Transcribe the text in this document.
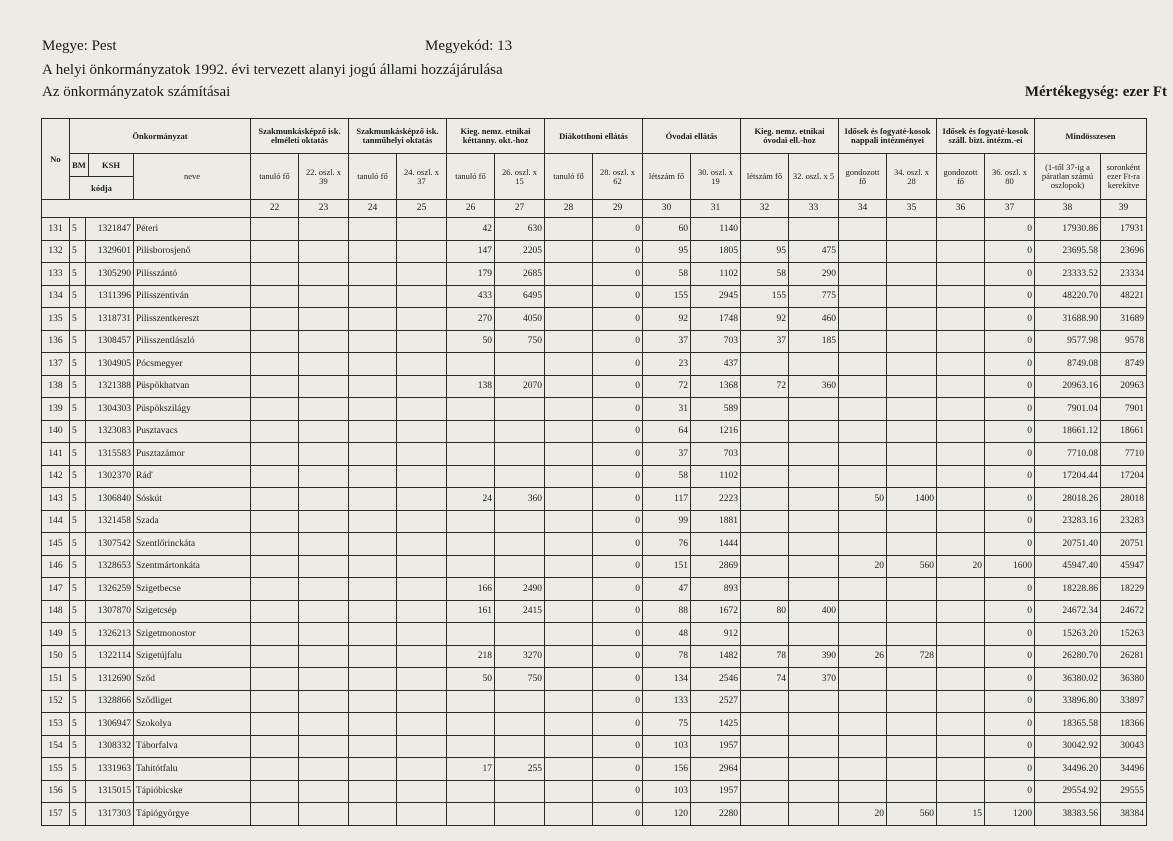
Megye: Pest	Megyekód: 13
A helyi önkormányzatok 1992. évi tervezett alanyi jogú állami hozzájárulása
Az önkormányzatok számításai	Mértékegység: ezer Ft
No	Önkormányzat	Szakmunkásképző isk. elméleti oktatás	Szakmunkásképző isk. tanműhelyi oktatás	Kieg. nemz. etnikai kéttanny. okt.-hoz	Diákotthoni ellátás	Óvodai ellátás	Kieg. nemz. etnikai óvodai ell.-hoz	Idősek és fogyaté-kosok nappali intézményei	Idősek és fogyaté-kosok száll. bizt. intézm.-ei	Mindösszesen

BM	KSH
kódja
	neve	tanuló fő	22. oszl. x 39	tanuló fő	24. oszl. x 37	tanuló fő	26. oszl. x 15	tanuló fő	28. oszl. x 62	létszám fő	30. oszl. x 19	létszám fő	32. oszl. x 5	gondozott fő	34. oszl. x 28	gondozott fő	36. oszl. x 80	(1-től 37-ig a páratlan számú oszlopok)	soronként ezer Ft-ra kerekítve
	22	23	24	25	26	27	28	29	30	31	32	33	34	35	36	37	38	39
131	5	1321847	Péteri					42	630		0	60	1140						0	17930.86	17931
132	5	1329601	Pilisborosjenő					147	2205		0	95	1805	95	475				0	23695.58	23696
133	5	1305290	Pilisszántó					179	2685		0	58	1102	58	290				0	23333.52	23334
134	5	1311396	Pilisszentiván					433	6495		0	155	2945	155	775				0	48220.70	48221
135	5	1318731	Pilisszentkereszt					270	4050		0	92	1748	92	460				0	31688.90	31689
136	5	1308457	Pilisszentlászló					50	750		0	37	703	37	185				0	9577.98	9578
137	5	1304905	Pócsmegyer								0	23	437						0	8749.08	8749
138	5	1321388	Püspökhatvan					138	2070		0	72	1368	72	360				0	20963.16	20963
139	5	1304303	Püspökszilágy								0	31	589						0	7901.04	7901
140	5	1323083	Pusztavacs								0	64	1216						0	18661.12	18661
141	5	1315583	Pusztazámor								0	37	703						0	7710.08	7710
142	5	1302370	Ráď								0	58	1102						0	17204.44	17204
143	5	1306840	Sóskút					24	360		0	117	2223			50	1400		0	28018.26	28018
144	5	1321458	Szada								0	99	1881						0	23283.16	23283
145	5	1307542	Szentlőrinckáta								0	76	1444						0	20751.40	20751
146	5	1328653	Szentmártonkáta								0	151	2869			20	560	20	1600	45947.40	45947
147	5	1326259	Szigetbecse					166	2490		0	47	893						0	18228.86	18229
148	5	1307870	Szigetcsép					161	2415		0	88	1672	80	400				0	24672.34	24672
149	5	1326213	Szigetmonostor								0	48	912						0	15263.20	15263
150	5	1322114	Szigetújfalu					218	3270		0	78	1482	78	390	26	728		0	26280.70	26281
151	5	1312690	Sződ					50	750		0	134	2546	74	370				0	36380.02	36380
152	5	1328866	Sződliget								0	133	2527						0	33896.80	33897
153	5	1306947	Szokolya								0	75	1425						0	18365.58	18366
154	5	1308332	Táborfalva								0	103	1957						0	30042.92	30043
155	5	1331963	Tahitótfalu					17	255		0	156	2964						0	34496.20	34496
156	5	1315015	Tápióbicske								0	103	1957						0	29554.92	29555
157	5	1317303	Tápiógyörgye								0	120	2280			20	560	15	1200	38383.56	38384
